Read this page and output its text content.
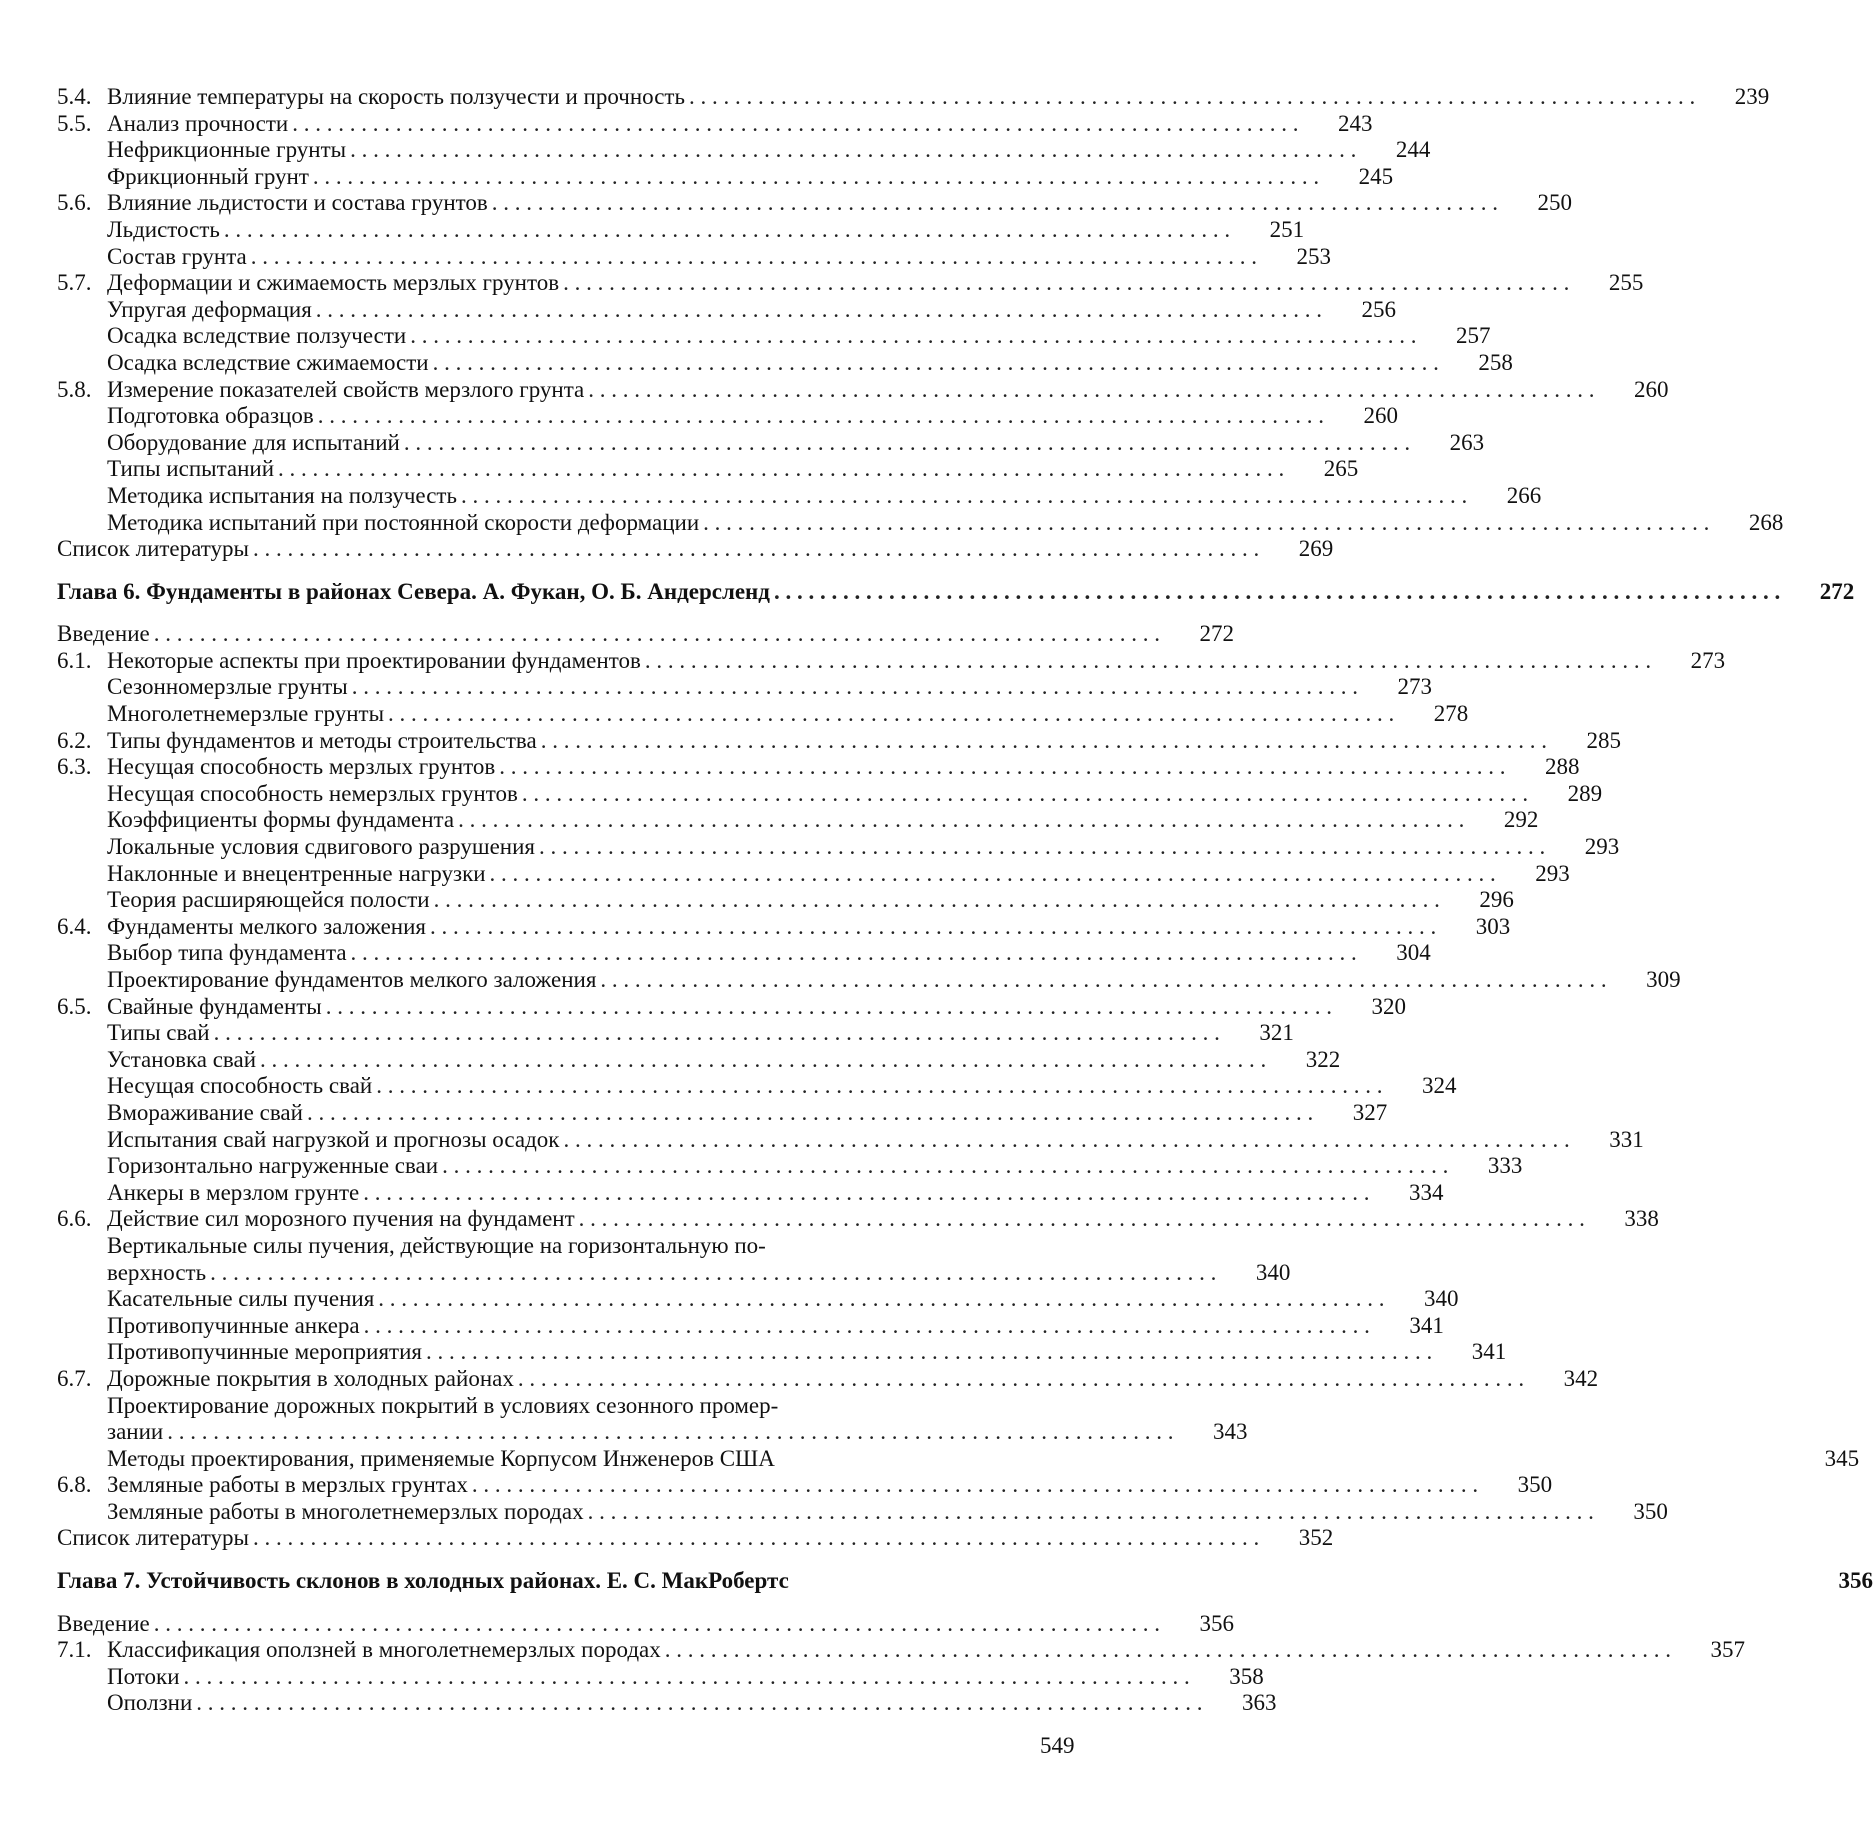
5.4. Влияние температуры на скорость ползучести и прочность . . .	239
5.5. Анализ прочности . . .	243
Нефрикционные грунты . . .	244
Фрикционный грунт . . .	245
5.6. Влияние льдистости и состава грунтов . . .	250
Льдистость . . .	251
Состав грунта . . .	253
5.7. Деформации и сжимаемость мерзлых грунтов . . .	255
Упругая деформация . . .	256
Осадка вследствие ползучести . . .	257
Осадка вследствие сжимаемости . . .	258
5.8. Измерение показателей свойств мерзлого грунта . . .	260
Подготовка образцов . . .	260
Оборудование для испытаний . . .	263
Типы испытаний . . .	265
Методика испытания на ползучесть . . .	266
Методика испытаний при постоянной скорости деформации . . .	268
Список литературы . . .	269
Глава 6. Фундаменты в районах Севера. А. Фукан, О. Б. Андерсленд . . .	272
Введение . . .	272
6.1. Некоторые аспекты при проектировании фундаментов . . .	273
Сезонномерзлые грунты . . .	273
Многолетнемерзлые грунты . . .	278
6.2. Типы фундаментов и методы строительства . . .	285
6.3. Несущая способность мерзлых грунтов . . .	288
Несущая способность немерзлых грунтов . . .	289
Коэффициенты формы фундамента . . .	292
Локальные условия сдвигового разрушения . . .	293
Наклонные и внецентренные нагрузки . . .	293
Теория расширяющейся полости . . .	296
6.4. Фундаменты мелкого заложения . . .	303
Выбор типа фундамента . . .	304
Проектирование фундаментов мелкого заложения . . .	309
6.5. Свайные фундаменты . . .	320
Типы свай . . .	321
Установка свай . . .	322
Несущая способность свай . . .	324
Вмораживание свай . . .	327
Испытания свай нагрузкой и прогнозы осадок . . .	331
Горизонтально нагруженные сваи . . .	333
Анкеры в мерзлом грунте . . .	334
6.6. Действие сил морозного пучения на фундамент . . .	338
Вертикальные силы пучения, действующие на горизонтальную по-
верхность . . .	340
Касательные силы пучения . . .	340
Противопучинные анкера . . .	341
Противопучинные мероприятия . . .	341
6.7. Дорожные покрытия в холодных районах . . .	342
Проектирование дорожных покрытий в условиях сезонного промер-
зании . . .	343
Методы проектирования, применяемые Корпусом Инженеров США	345
6.8. Земляные работы в мерзлых грунтах . . .	350
Земляные работы в многолетнемерзлых породах . . .	350
Список литературы . . .	352
Глава 7. Устойчивость склонов в холодных районах. Е. С. МакРобертс	356
Введение . . .	356
7.1. Классификация оползней в многолетнемерзлых породах . . .	357
Потоки . . .	358
Оползни . . .	363
549
